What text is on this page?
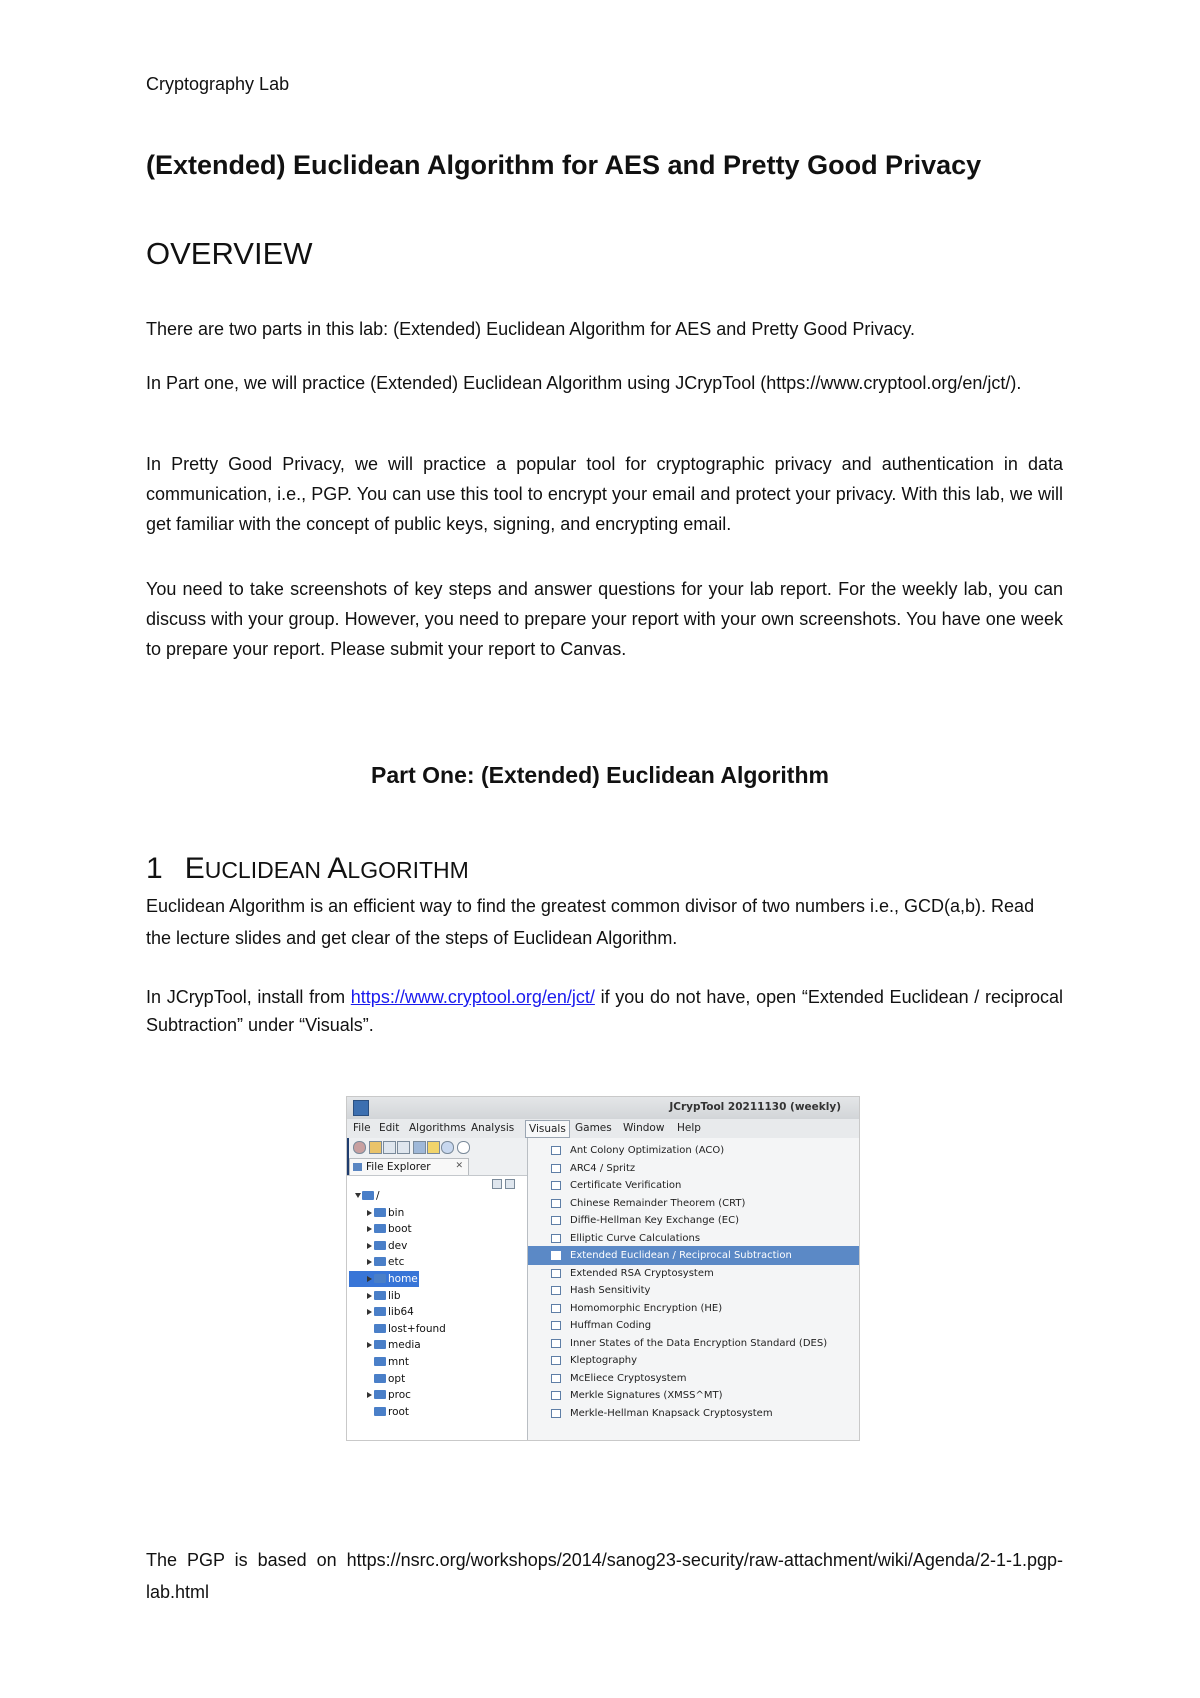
Cryptography Lab
(Extended) Euclidean Algorithm for AES and Pretty Good Privacy
OVERVIEW
There are two parts in this lab: (Extended) Euclidean Algorithm for AES and Pretty Good Privacy.
In Part one, we will practice (Extended) Euclidean Algorithm using JCrypTool (https://www.cryptool.org/en/jct/).
In Pretty Good Privacy, we will practice a popular tool for cryptographic privacy and authentication in data communication, i.e., PGP. You can use this tool to encrypt your email and protect your privacy. With this lab, we will get familiar with the concept of public keys, signing, and encrypting email.
You need to take screenshots of key steps and answer questions for your lab report. For the weekly lab, you can discuss with your group. However, you need to prepare your report with your own screenshots. You have one week to prepare your report. Please submit your report to Canvas.
Part One: (Extended) Euclidean Algorithm
1 EUCLIDEAN ALGORITHM
Euclidean Algorithm is an efficient way to find the greatest common divisor of two numbers i.e., GCD(a,b). Read the lecture slides and get clear of the steps of Euclidean Algorithm.
In JCrypTool, install from https://www.cryptool.org/en/jct/ if you do not have, open “Extended Euclidean / reciprocal Subtraction” under “Visuals”.
JCrypTool 20211130 (weekly)
File Edit Algorithms Analysis	Visuals Games Window Help
File Explorer	✕
/
bin
boot
dev
etc
home
lib
lib64
lost+found
media
mnt
opt
proc
root
Ant Colony Optimization (ACO)
ARC4 / Spritz
Certificate Verification
Chinese Remainder Theorem (CRT)
Diffie-Hellman Key Exchange (EC)
Elliptic Curve Calculations
Extended Euclidean / Reciprocal Subtraction
Extended RSA Cryptosystem
Hash Sensitivity
Homomorphic Encryption (HE)
Huffman Coding
Inner States of the Data Encryption Standard (DES)
Kleptography
McEliece Cryptosystem
Merkle Signatures (XMSS^MT)
Merkle-Hellman Knapsack Cryptosystem
The PGP is based on https://nsrc.org/workshops/2014/sanog23-security/raw-attachment/wiki/Agenda/2-1-1.pgp-lab.html
